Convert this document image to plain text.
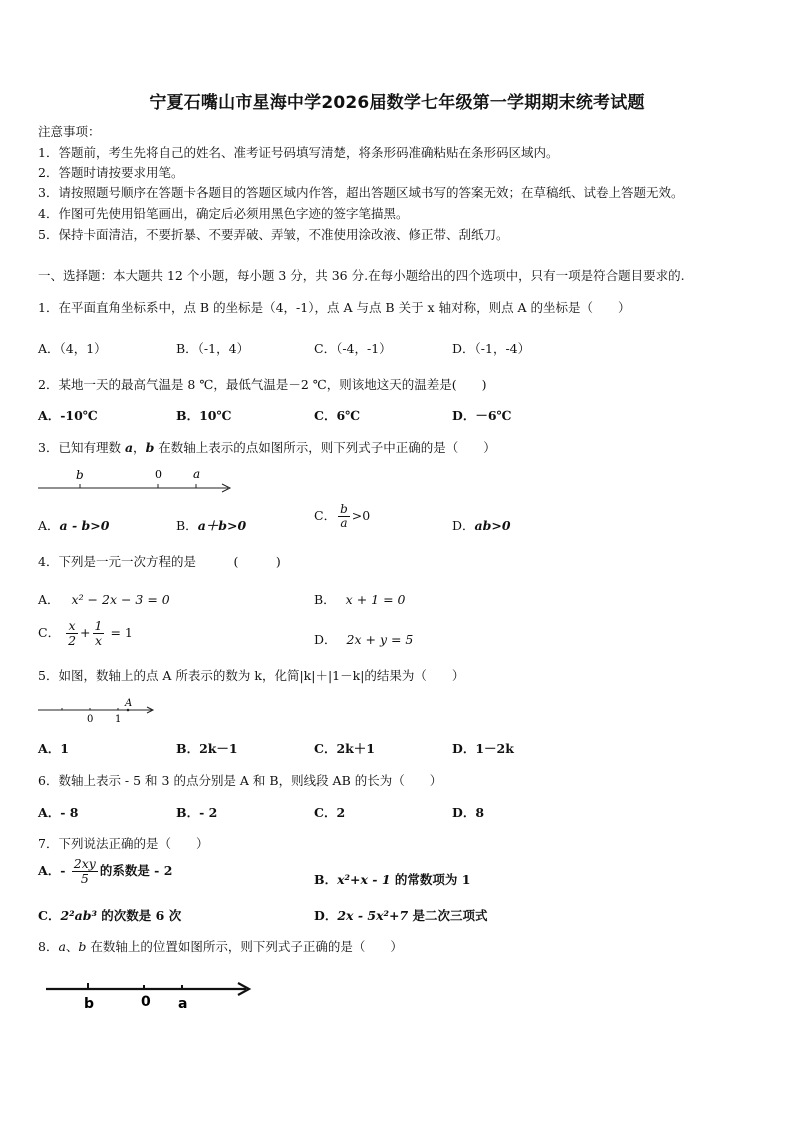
宁夏石嘴山市星海中学2026届数学七年级第一学期期末统考试题
注意事项：
1．答题前，考生先将自己的姓名、准考证号码填写清楚，将条形码准确粘贴在条形码区域内。
2．答题时请按要求用笔。
3．请按照题号顺序在答题卡各题目的答题区域内作答，超出答题区域书写的答案无效；在草稿纸、试卷上答题无效。
4．作图可先使用铅笔画出，确定后必须用黑色字迹的签字笔描黑。
5．保持卡面清洁，不要折暴、不要弄破、弄皱，不准使用涂改液、修正带、刮纸刀。
一、选择题：本大题共 12 个小题，每小题 3 分，共 36 分.在每小题给出的四个选项中，只有一项是符合题目要求的.
1．在平面直角坐标系中，点 B 的坐标是（4，-1），点 A 与点 B 关于 x 轴对称，则点 A 的坐标是（　　）
A．（4，1）	B．（-1，4）	C．（-4，-1）	D．（-1，-4）
2．某地一天的最高气温是 8 ℃，最低气温是－2 ℃，则该地这天的温差是(　　)
A．-10℃	B．10℃	C．6℃	D．－6℃
3．已知有理数 a，b 在数轴上表示的点如图所示，则下列式子中正确的是（　　）
b	0	a
A．a - b>0	B．a＋b>0
C． $\frac{b}{a} >0$
D．ab>0
4．下列是一元一次方程的是　　　(　　　)
A． x² − 2x − 3 = 0	B． x + 1 = 0
C． $\frac{x}{2} + \frac{1}{x} = 1$	D． 2x + y = 5
5．如图，数轴上的点 A 所表示的数为 k，化简|k|＋|1－k|的结果为（　　）
0 1
A
A．1	B．2k－1	C．2k＋1	D．1－2k
6．数轴上表示 - 5 和 3 的点分别是 A 和 B，则线段 AB 的长为（　　）
A．- 8	B．- 2	C．2	D．8
7．下列说法正确的是（　　）
A．- $\frac{2xy}{5}$ 的系数是 - 2
B．x²+x - 1 的常数项为 1
C．2²ab³ 的次数是 6 次	D．2x - 5x²+7 是二次三项式
8．a、b 在数轴上的位置如图所示，则下列式子正确的是（　　）
b	0 a
